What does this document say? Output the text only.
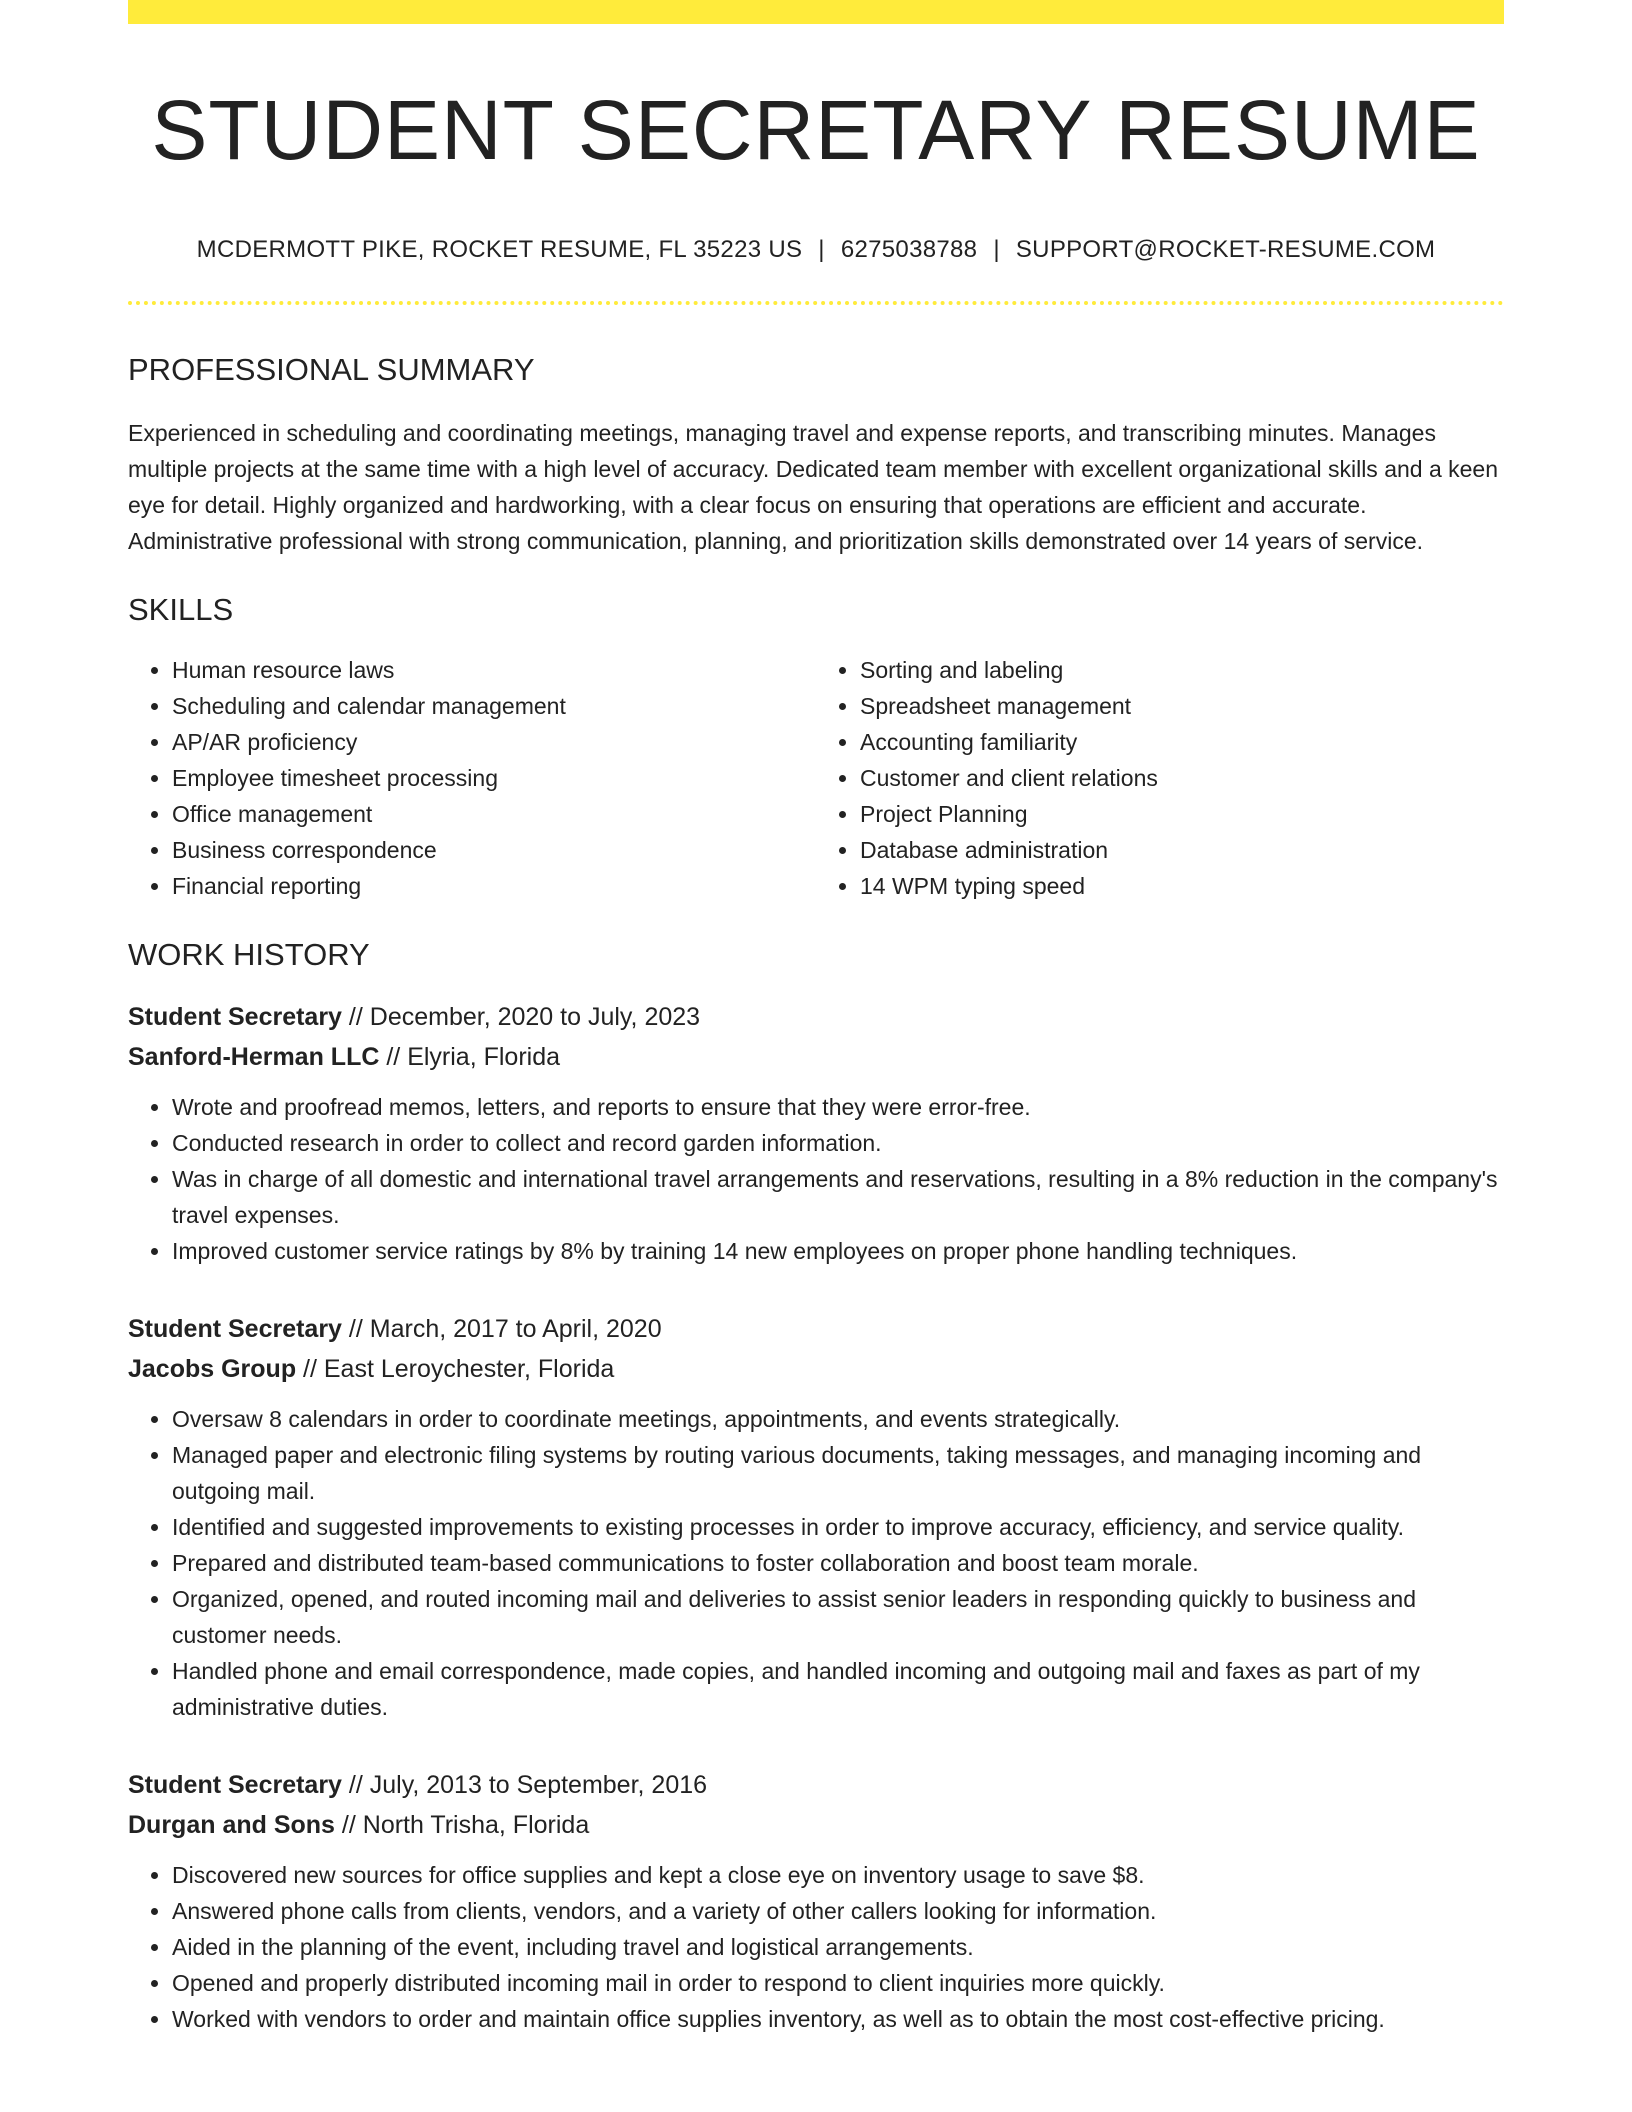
STUDENT SECRETARY RESUME
MCDERMOTT PIKE, ROCKET RESUME, FL 35223 US | 6275038788 | SUPPORT@ROCKET-RESUME.COM
PROFESSIONAL SUMMARY

Experienced in scheduling and coordinating meetings, managing travel and expense reports, and transcribing minutes. Manages multiple projects at the same time with a high level of accuracy. Dedicated team member with excellent organizational skills and a keen eye for detail. Highly organized and hardworking, with a clear focus on ensuring that operations are efficient and accurate. Administrative professional with strong communication, planning, and prioritization skills demonstrated over 14 years of service.

SKILLS
• Human resource laws
• Scheduling and calendar management
• AP/AR proficiency
• Employee timesheet processing
• Office management
• Business correspondence
• Financial reporting
• Sorting and labeling
• Spreadsheet management
• Accounting familiarity
• Customer and client relations
• Project Planning
• Database administration
• 14 WPM typing speed
WORK HISTORY
Student Secretary // December, 2020 to July, 2023
Sanford-Herman LLC // Elyria, Florida
• Wrote and proofread memos, letters, and reports to ensure that they were error-free.
• Conducted research in order to collect and record garden information.
• Was in charge of all domestic and international travel arrangements and reservations, resulting in a 8% reduction in the company's travel expenses.
• Improved customer service ratings by 8% by training 14 new employees on proper phone handling techniques.
Student Secretary // March, 2017 to April, 2020
Jacobs Group // East Leroychester, Florida
• Oversaw 8 calendars in order to coordinate meetings, appointments, and events strategically.
• Managed paper and electronic filing systems by routing various documents, taking messages, and managing incoming and outgoing mail.
• Identified and suggested improvements to existing processes in order to improve accuracy, efficiency, and service quality.
• Prepared and distributed team-based communications to foster collaboration and boost team morale.
• Organized, opened, and routed incoming mail and deliveries to assist senior leaders in responding quickly to business and customer needs.
• Handled phone and email correspondence, made copies, and handled incoming and outgoing mail and faxes as part of my administrative duties.
Student Secretary // July, 2013 to September, 2016
Durgan and Sons // North Trisha, Florida
• Discovered new sources for office supplies and kept a close eye on inventory usage to save $8.
• Answered phone calls from clients, vendors, and a variety of other callers looking for information.
• Aided in the planning of the event, including travel and logistical arrangements.
• Opened and properly distributed incoming mail in order to respond to client inquiries more quickly.
• Worked with vendors to order and maintain office supplies inventory, as well as to obtain the most cost-effective pricing.
